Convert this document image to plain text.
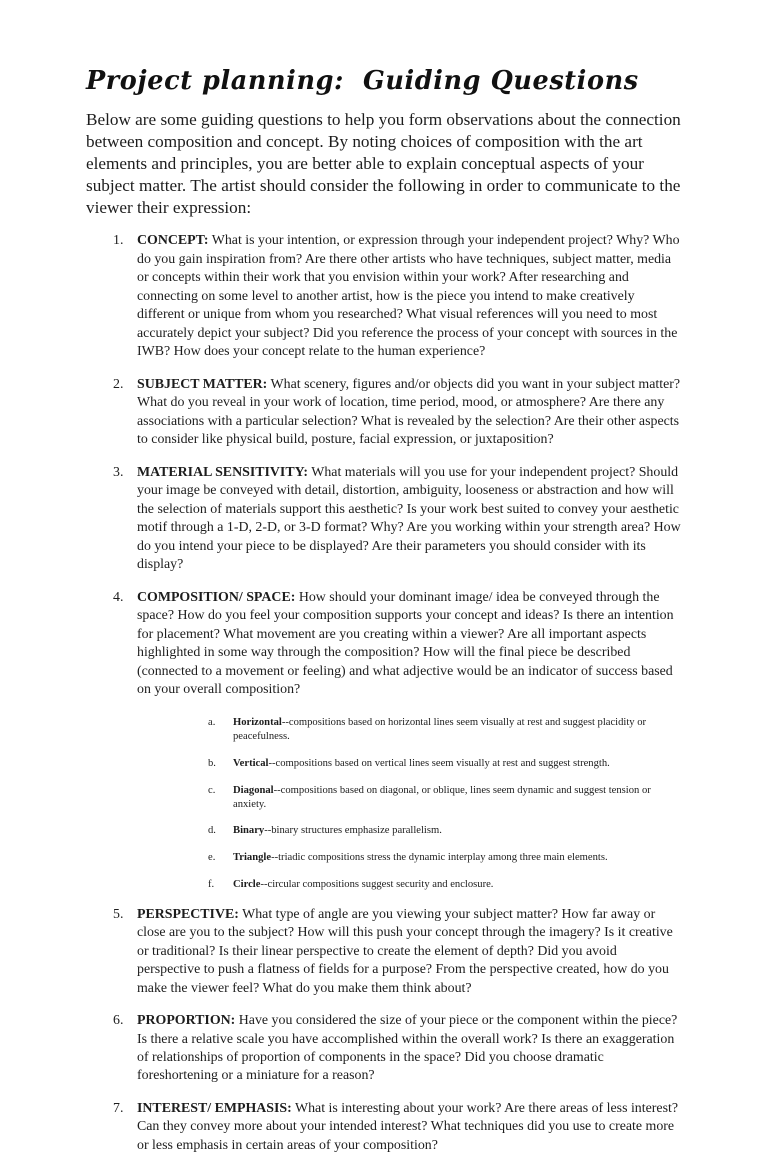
Project planning:  Guiding Questions

Below are some guiding questions to help you form observations about the connection between composition and concept. By noting choices of composition with the art elements and principles, you are better able to explain conceptual aspects of your subject matter. The artist should consider the following in order to communicate to the viewer their expression:

1. CONCEPT: What is your intention, or expression through your independent project? Why? Who do you gain inspiration from? Are there other artists who have techniques, subject matter, media or concepts within their work that you envision within your work? After researching and connecting on some level to another artist, how is the piece you intend to make creatively different or unique from whom you researched? What visual references will you need to most accurately depict your subject? Did you reference the process of your concept with sources in the IWB? How does your concept relate to the human experience?
2. SUBJECT MATTER: What scenery, figures and/or objects did you want in your subject matter? What do you reveal in your work of location, time period, mood, or atmosphere? Are there any associations with a particular selection? What is revealed by the selection? Are their other aspects to consider like physical build, posture, facial expression, or juxtaposition?
3. MATERIAL SENSITIVITY: What materials will you use for your independent project? Should your image be conveyed with detail, distortion, ambiguity, looseness or abstraction and how will the selection of materials support this aesthetic? Is your work best suited to convey your aesthetic motif through a 1-D, 2-D, or 3-D format? Why? Are you working within your strength area? How do you intend your piece to be displayed? Are their parameters you should consider with its display?
4. COMPOSITION/ SPACE: How should your dominant image/ idea be conveyed through the space? How do you feel your composition supports your concept and ideas? Is there an intention for placement? What movement are you creating within a viewer? Are all important aspects highlighted in some way through the composition? How will the final piece be described (connected to a movement or feeling) and what adjective would be an indicator of success based on your overall composition?
a.	Horizontal--compositions based on horizontal lines seem visually at rest and suggest placidity or peacefulness.
b.	Vertical--compositions based on vertical lines seem visually at rest and suggest strength.
c.	Diagonal--compositions based on diagonal, or oblique, lines seem dynamic and suggest tension or anxiety.
d.	Binary--binary structures emphasize parallelism.
e.	Triangle--triadic compositions stress the dynamic interplay among three main elements.
f.	Circle--circular compositions suggest security and enclosure.
5. PERSPECTIVE: What type of angle are you viewing your subject matter? How far away or close are you to the subject? How will this push your concept through the imagery? Is it creative or traditional? Is their linear perspective to create the element of depth? Did you avoid perspective to push a flatness of fields for a purpose? From the perspective created, how do you make the viewer feel? What do you make them think about?
6. PROPORTION: Have you considered the size of your piece or the component within the piece? Is there a relative scale you have accomplished within the overall work? Is there an exaggeration of relationships of proportion of components in the space? Did you choose dramatic foreshortening or a miniature for a reason?
7. INTEREST/ EMPHASIS: What is interesting about your work? Are there areas of less interest? Can they convey more about your intended interest? What techniques did you use to create more or less emphasis in certain areas of your composition?
